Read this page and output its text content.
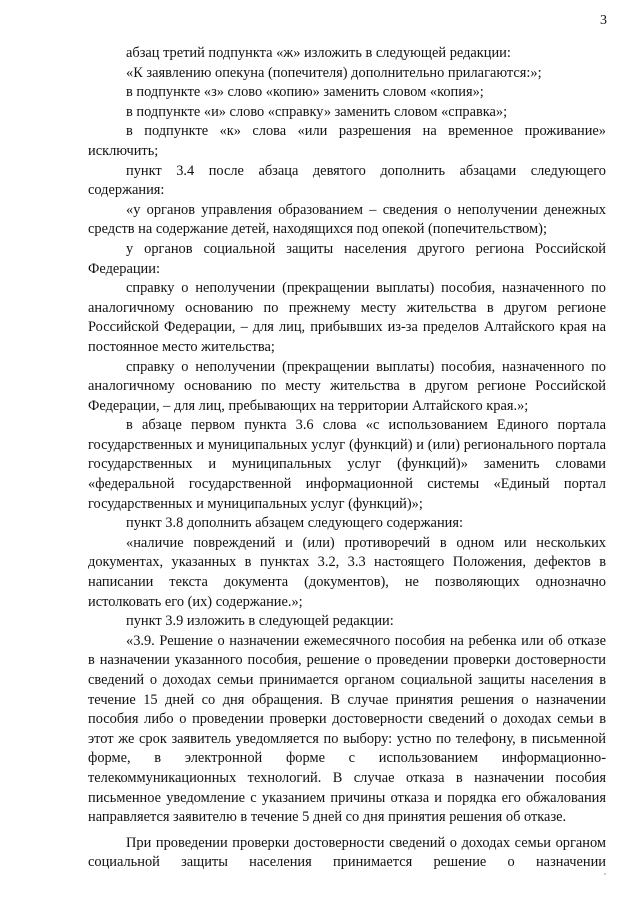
3

абзац третий подпункта «ж» изложить в следующей редакции:

«К заявлению опекуна (попечителя) дополнительно прилагаются:»;

в подпункте «з» слово «копию» заменить словом «копия»;

в подпункте «и» слово «справку» заменить словом «справка»;

в подпункте «к» слова «или разрешения на временное проживание» исключить;

пункт 3.4 после абзаца девятого дополнить абзацами следующего содержания:

«у органов управления образованием – сведения о неполучении денежных средств на содержание детей, находящихся под опекой (попечительством);

у органов социальной защиты населения другого региона Российской Федерации:

справку о неполучении (прекращении выплаты) пособия, назначенного по аналогичному основанию по прежнему месту жительства в другом регионе Российской Федерации, – для лиц, прибывших из-за пределов Алтайского края на постоянное место жительства;

справку о неполучении (прекращении выплаты) пособия, назначенного по аналогичному основанию по месту жительства в другом регионе Российской Федерации, – для лиц, пребывающих на территории Алтайского края.»;

в абзаце первом пункта 3.6 слова «с использованием Единого портала государственных и муниципальных услуг (функций) и (или) регионального портала государственных и муниципальных услуг (функций)» заменить словами «федеральной государственной информационной системы «Единый портал государственных и муниципальных услуг (функций)»;

пункт 3.8 дополнить абзацем следующего содержания:

«наличие повреждений и (или) противоречий в одном или нескольких документах, указанных в пунктах 3.2, 3.3 настоящего Положения, дефектов в написании текста документа (документов), не позволяющих однозначно истолковать его (их) содержание.»;

пункт 3.9 изложить в следующей редакции:

«3.9. Решение о назначении ежемесячного пособия на ребенка или об отказе в назначении указанного пособия, решение о проведении проверки достоверности сведений о доходах семьи принимается органом социальной защиты населения в течение 15 дней со дня обращения. В случае принятия решения о назначении пособия либо о проведении проверки достоверности сведений о доходах семьи в этот же срок заявитель уведомляется по выбору: устно по телефону, в письменной форме, в электронной форме с использованием информационно-телекоммуникационных технологий. В случае отказа в назначении пособия письменное уведомление с указанием причины отказа и порядка его обжалования направляется заявителю в течение 5 дней со дня принятия решения об отказе.

При проведении проверки достоверности сведений о доходах семьи органом социальной защиты населения принимается решение о назначении
